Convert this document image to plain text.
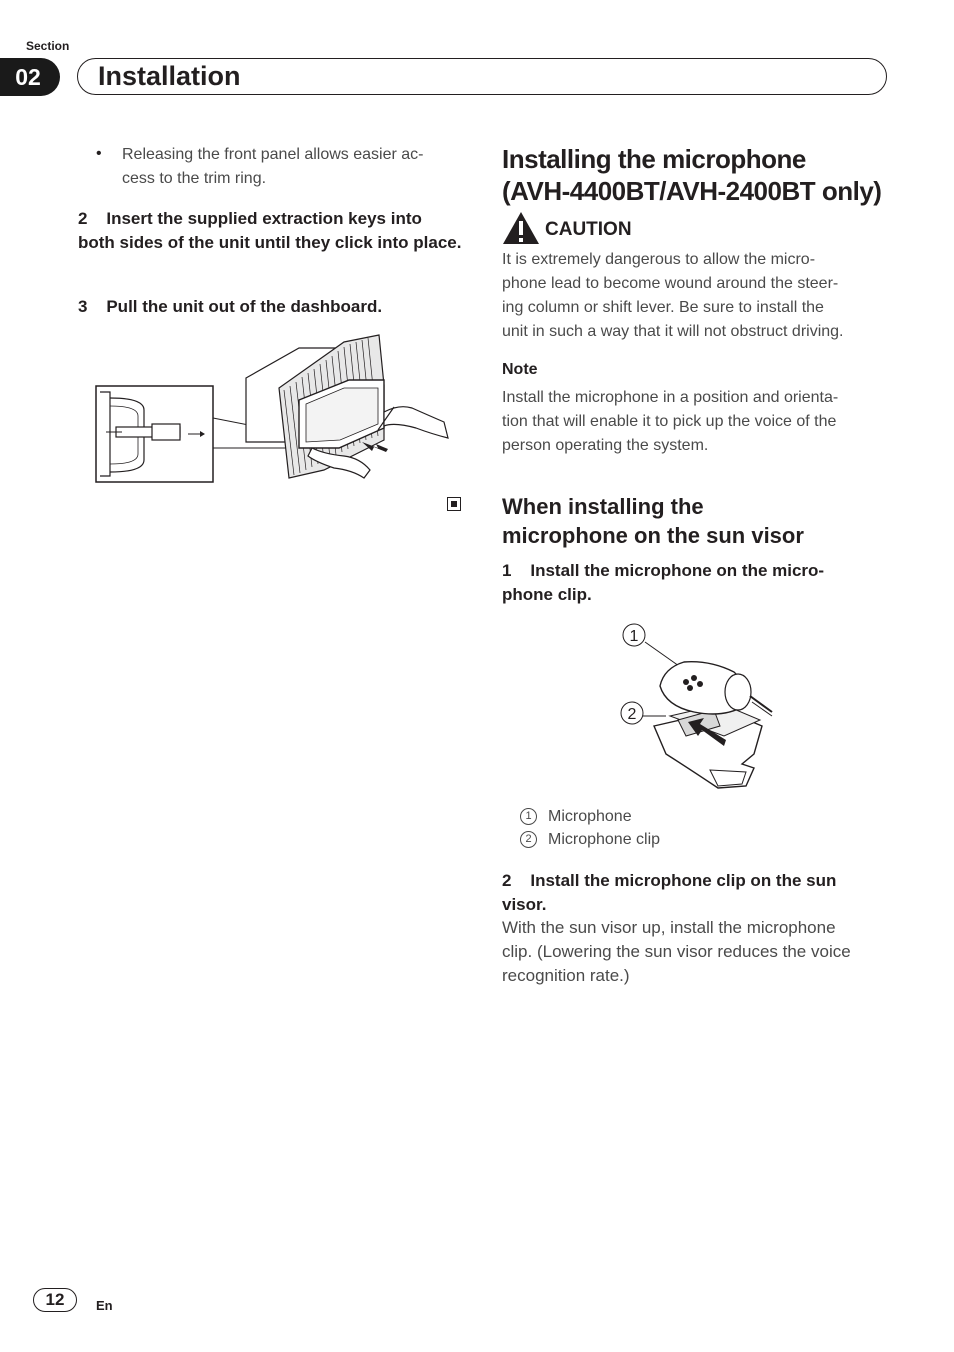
Section
02	Installation
• Releasing the front panel allows easier ac-
cess to the trim ring.
2    Insert the supplied extraction keys into both sides of the unit until they click into place.
3    Pull the unit out of the dashboard.
Installing the microphone
(AVH-4400BT/AVH-2400BT only)
CAUTION
It is extremely dangerous to allow the micro-
phone lead to become wound around the steer-
ing column or shift lever. Be sure to install the
unit in such a way that it will not obstruct driving.
Note
Install the microphone in a position and orienta-
tion that will enable it to pick up the voice of the
person operating the system.
When installing the
microphone on the sun visor
1    Install the microphone on the micro-
phone clip.
1
2
1	Microphone
2	Microphone clip
2    Install the microphone clip on the sun
visor.
With the sun visor up, install the microphone
clip. (Lowering the sun visor reduces the voice
recognition rate.)
12	En
